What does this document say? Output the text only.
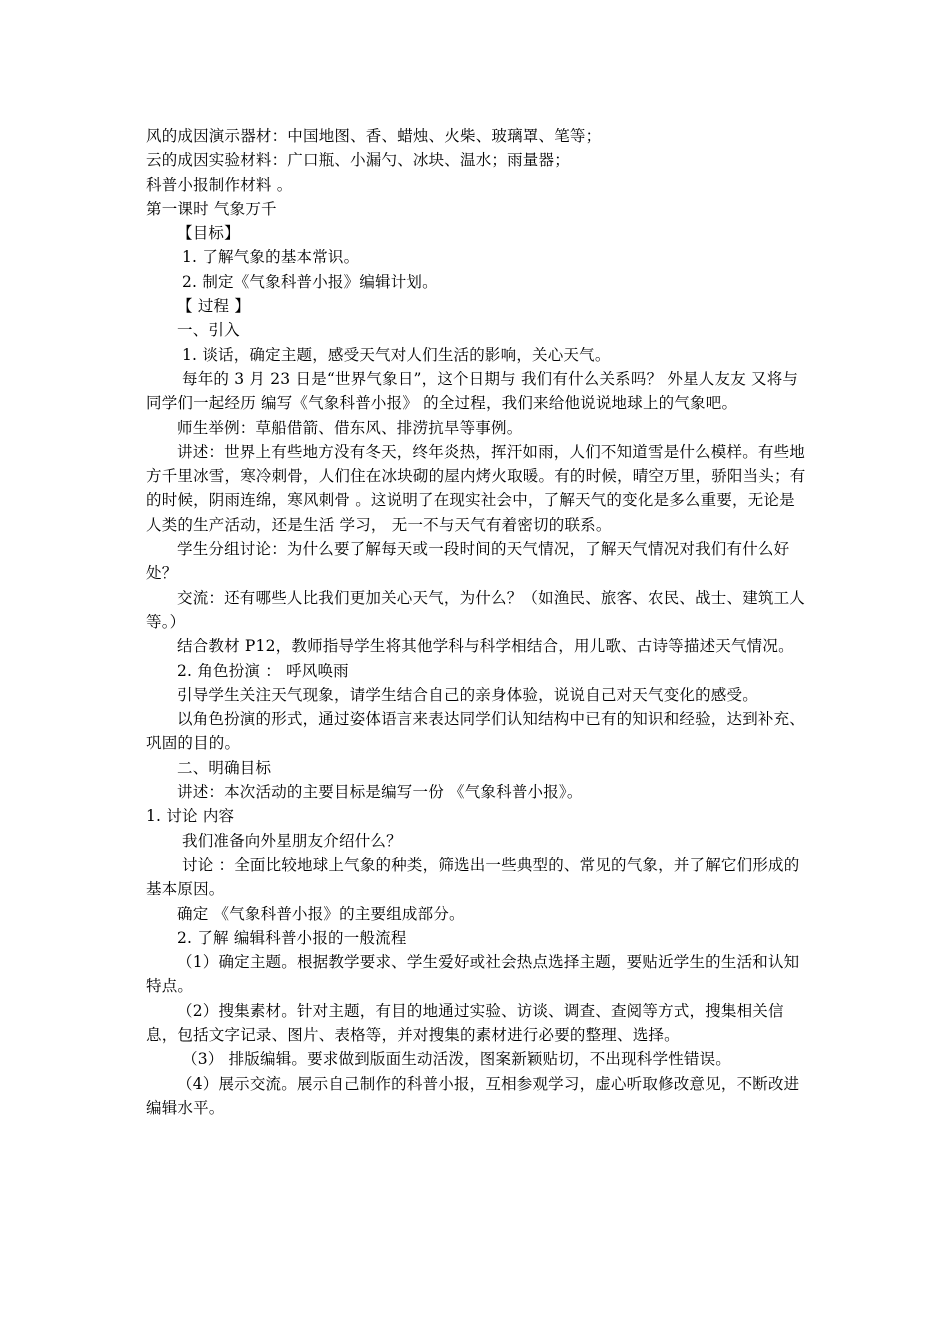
风的成因演示器材：中国地图、香、蜡烛、火柴、玻璃罩、笔等；

云的成因实验材料：广口瓶、小漏勺、冰块、温水；雨量器；

科普小报制作材料 。

第一课时 气象万千

【目标】

1. 了解气象的基本常识。

2. 制定《气象科普小报》编辑计划。

【 过程 】

一、引入

1. 谈话，确定主题，感受天气对人们生活的影响，关心天气。

每年的 3 月 23 日是“世界气象日”，这个日期与 我们有什么关系吗？ 外星人友友 又将与同学们一起经历 编写《气象科普小报》 的全过程，我们来给他说说地球上的气象吧。

师生举例：草船借箭、借东风、排涝抗旱等事例。

讲述：世界上有些地方没有冬天，终年炎热，挥汗如雨，人们不知道雪是什么模样。有些地方千里冰雪，寒冷刺骨，人们住在冰块砌的屋内烤火取暖。有的时候，晴空万里，骄阳当头；有的时候，阴雨连绵，寒风刺骨 。这说明了在现实社会中，了解天气的变化是多么重要，无论是人类的生产活动，还是生活 学习， 无一不与天气有着密切的联系。

学生分组讨论：为什么要了解每天或一段时间的天气情况，了解天气情况对我们有什么好处？

交流：还有哪些人比我们更加关心天气，为什么？（如渔民、旅客、农民、战士、建筑工人等。）

结合教材 P12，教师指导学生将其他学科与科学相结合，用儿歌、古诗等描述天气情况。

2. 角色扮演 ： 呼风唤雨

引导学生关注天气现象，请学生结合自己的亲身体验，说说自己对天气变化的感受。

以角色扮演的形式，通过姿体语言来表达同学们认知结构中已有的知识和经验，达到补充、巩固的目的。

二、明确目标

讲述：本次活动的主要目标是编写一份 《气象科普小报》。

1. 讨论 内容

我们准备向外星朋友介绍什么？

讨论 ：全面比较地球上气象的种类，筛选出一些典型的、常见的气象，并了解它们形成的基本原因。

确定 《气象科普小报》的主要组成部分。

2. 了解 编辑科普小报的一般流程

（1）确定主题。根据教学要求、学生爱好或社会热点选择主题，要贴近学生的生活和认知特点。

（2）搜集素材。针对主题，有目的地通过实验、访谈、调查、查阅等方式，搜集相关信息，包括文字记录、图片、表格等，并对搜集的素材进行必要的整理、选择。

（3） 排版编辑。要求做到版面生动活泼，图案新颖贴切，不出现科学性错误。

（4）展示交流。展示自己制作的科普小报，互相参观学习，虚心听取修改意见，不断改进编辑水平。
